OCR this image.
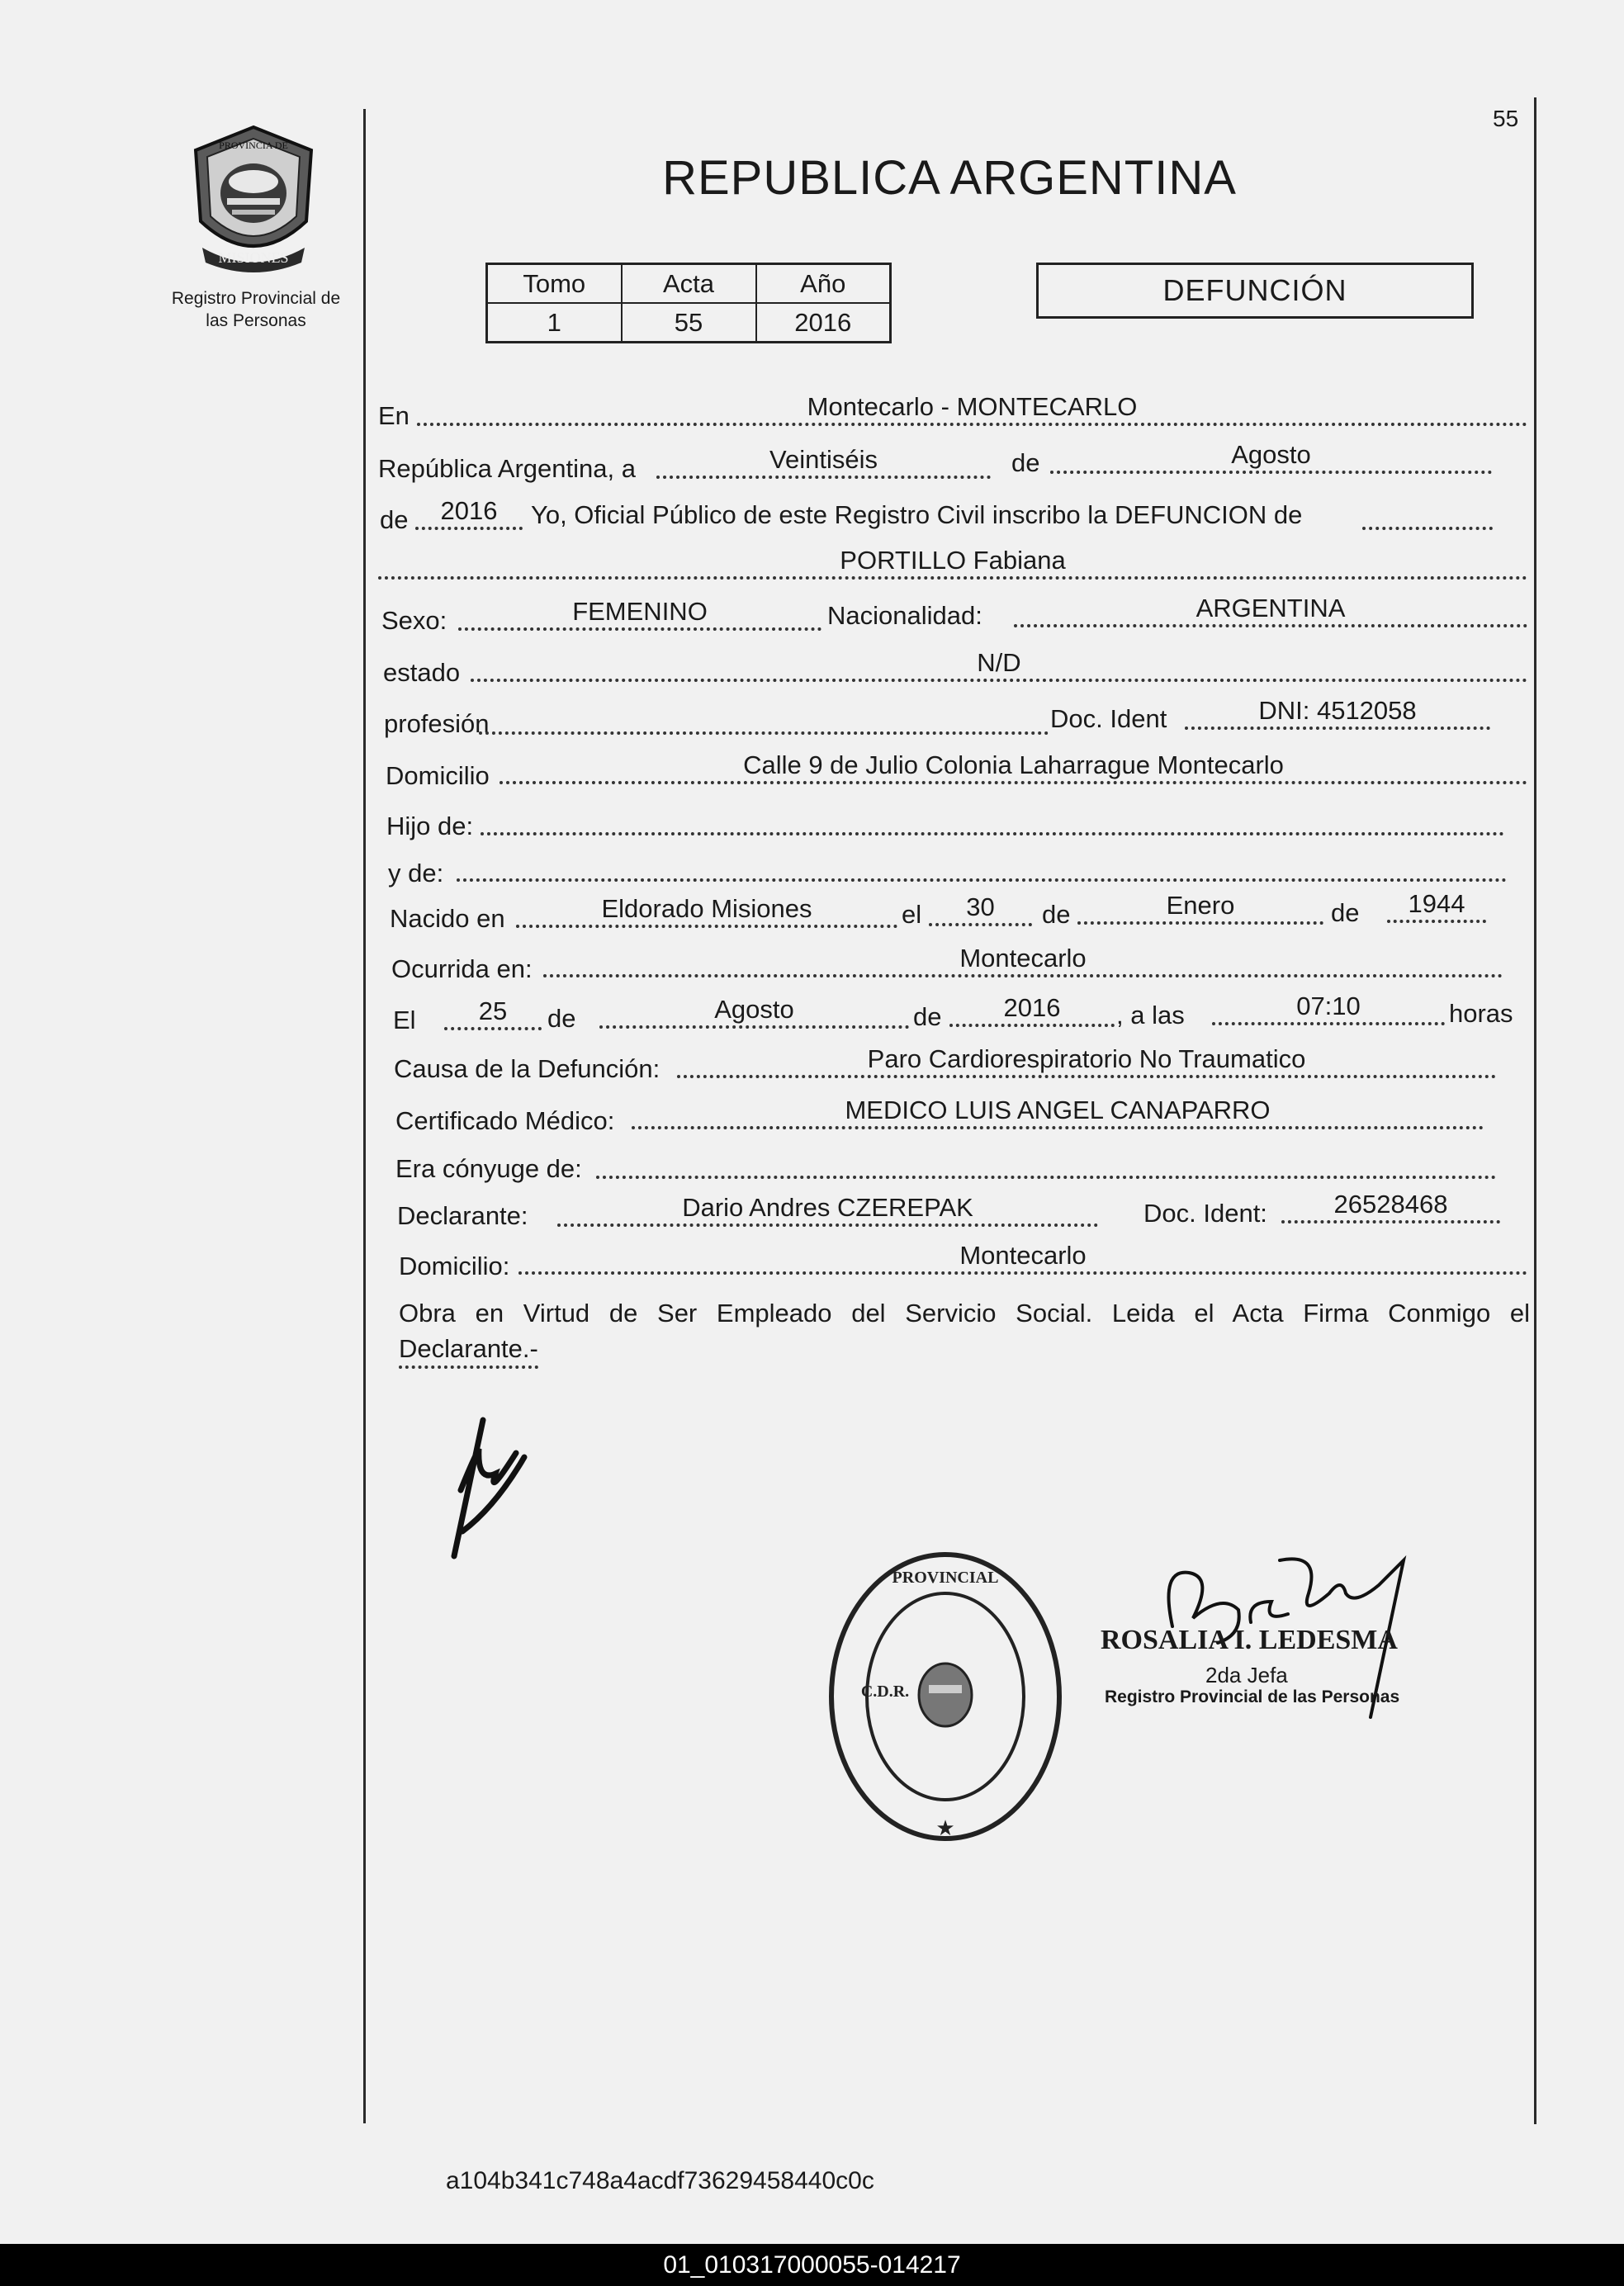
55
MISIONES
PROVINCIA DE
Registro Provincial de
las Personas
REPUBLICA ARGENTINA
Tomo	Acta	Año
1	55	2016
DEFUNCIÓN
En	Montecarlo - MONTECARLO
República Argentina, a	Veintiséis	de	Agosto
de	2016	Yo, Oficial Público de este Registro Civil inscribo la DEFUNCION de
PORTILLO Fabiana
Sexo:	FEMENINO	Nacionalidad:	ARGENTINA
estado	N/D
profesión	Doc. Ident	DNI: 4512058
Domicilio	Calle 9 de Julio Colonia Laharrague Montecarlo
Hijo de:
y de:
Nacido en	Eldorado Misiones	el	30	de	Enero	de	1944
Ocurrida en:	Montecarlo
El	25	de	Agosto	de	2016	, a las	07:10	horas
Causa de la Defunción:	Paro Cardiorespiratorio No Traumatico
Certificado Médico:	MEDICO LUIS ANGEL CANAPARRO
Era cónyuge de:
Declarante:	Dario Andres CZEREPAK	Doc. Ident:	26528468
Domicilio:	Montecarlo
Obra en Virtud de Ser Empleado del Servicio Social. Leida el Acta Firma Conmigo el
Declarante.-
★
PROVINCIAL
C.D.R.
ROSALIA I. LEDESMA
2da Jefa
Registro Provincial de las Personas
a104b341c748a4acdf73629458440c0c
01_010317000055-014217
